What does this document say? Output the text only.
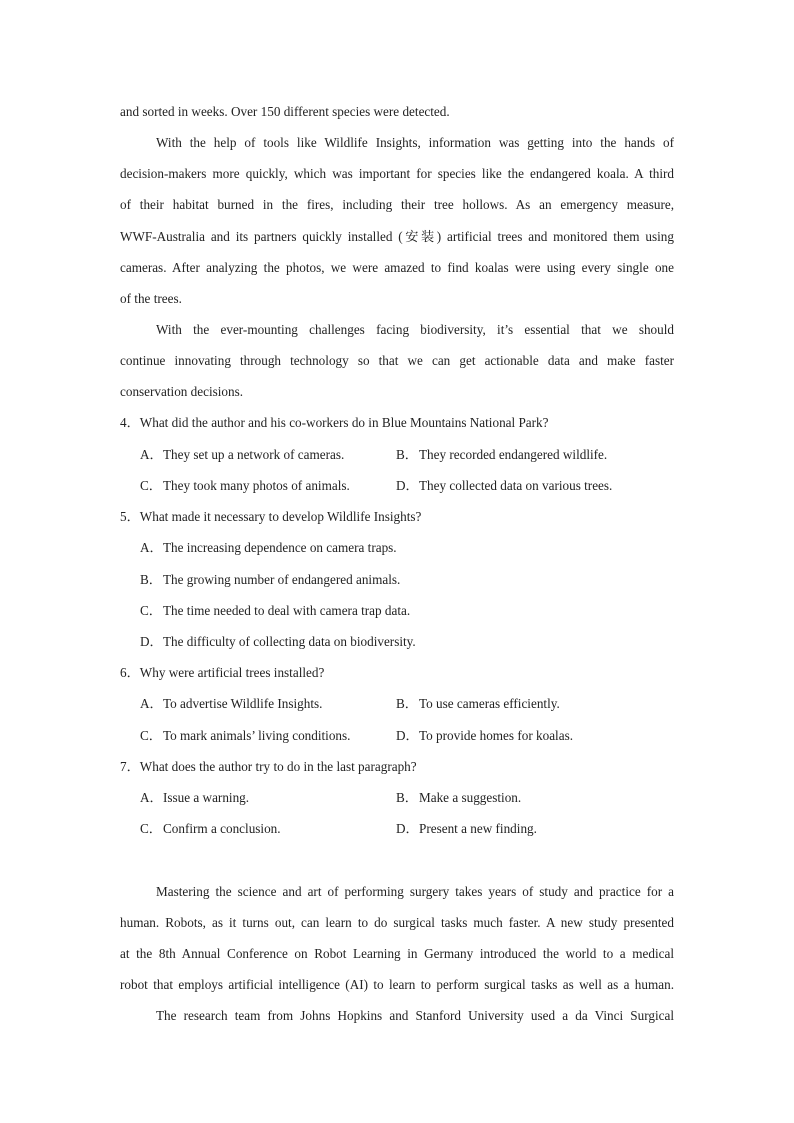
and sorted in weeks. Over 150 different species were detected.
With the help of tools like Wildlife Insights, information was getting into the hands of
decision-makers more quickly, which was important for species like the endangered koala. A third
of their habitat burned in the fires, including their tree hollows. As an emergency measure,
WWF-Australia and its partners quickly installed (安装) artificial trees and monitored them using
cameras. After analyzing the photos, we were amazed to find koalas were using every single one
of the trees.
With the ever-mounting challenges facing biodiversity, it’s essential that we should
continue innovating through technology so that we can get actionable data and make faster
conservation decisions.
4．What did the author and his co-workers do in Blue Mountains National Park?
A．They set up a network of cameras.	B．They recorded endangered wildlife.
C．They took many photos of animals.	D．They collected data on various trees.
5．What made it necessary to develop Wildlife Insights?
A．The increasing dependence on camera traps.
B．The growing number of endangered animals.
C．The time needed to deal with camera trap data.
D．The difficulty of collecting data on biodiversity.
6．Why were artificial trees installed?
A．To advertise Wildlife Insights.	B．To use cameras efficiently.
C．To mark animals’ living conditions.	D．To provide homes for koalas.
7．What does the author try to do in the last paragraph?
A．Issue a warning.	B．Make a suggestion.
C．Confirm a conclusion.	D．Present a new finding.
Mastering the science and art of performing surgery takes years of study and practice for a
human. Robots, as it turns out, can learn to do surgical tasks much faster. A new study presented
at the 8th Annual Conference on Robot Learning in Germany introduced the world to a medical
robot that employs artificial intelligence (AI) to learn to perform surgical tasks as well as a human.
The research team from Johns Hopkins and Stanford University used a da Vinci Surgical
